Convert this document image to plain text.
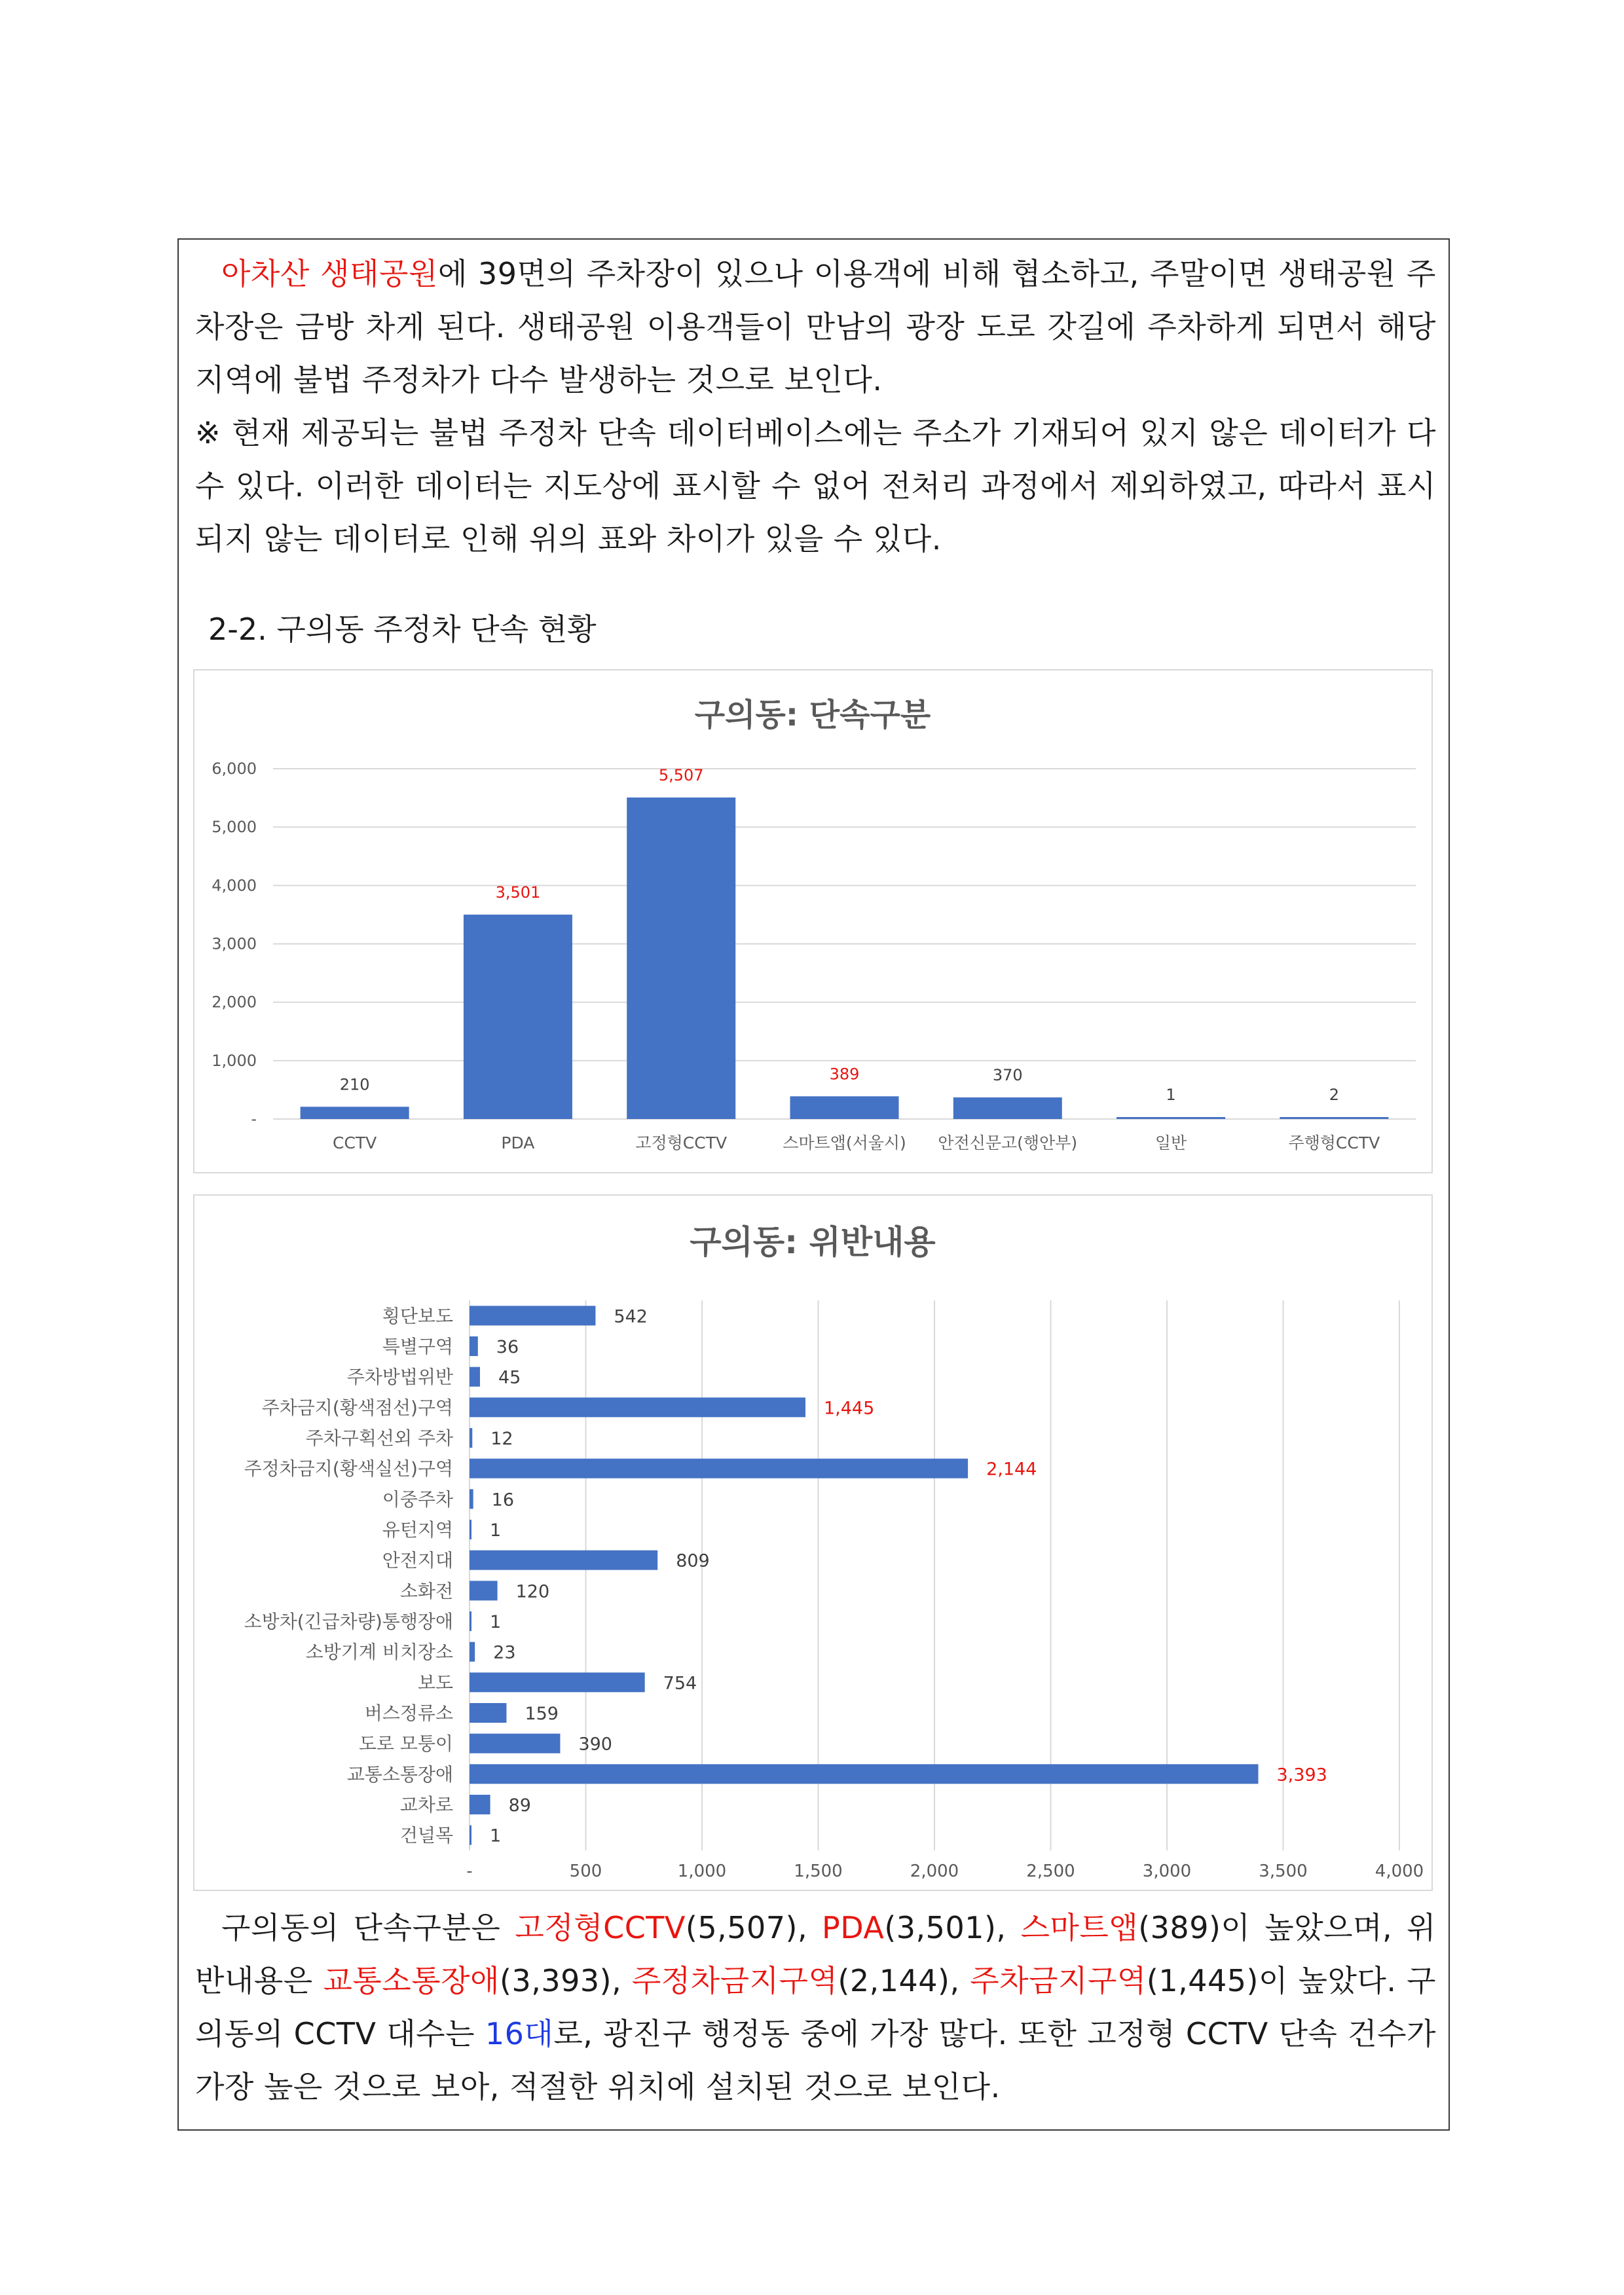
아차산 생태공원에 39면의 주차장이 있으나 이용객에 비해 협소하고, 주말이면 생태공원 주차장은 금방 차게 된다. 생태공원 이용객들이 만남의 광장 도로 갓길에 주차하게 되면서 해당 지역에 불법 주정차가 다수 발생하는 것으로 보인다.

※ 현재 제공되는 불법 주정차 단속 데이터베이스에는 주소가 기재되어 있지 않은 데이터가 다수 있다. 이러한 데이터는 지도상에 표시할 수 없어 전처리 과정에서 제외하였고, 따라서 표시되지 않는 데이터로 인해 위의 표와 차이가 있을 수 있다.

2-2. 구의동 주정차 단속 현황
구의동: 단속구분
-
1,000
2,000
3,000
4,000
5,000
6,000
210
CCTV
3,501
PDA
5,507
고정형CCTV
389
스마트앱(서울시)
370
안전신문고(행안부)
1
일반
2
주행형CCTV
구의동: 위반내용
-	500	1,000	1,500	2,000	2,500	3,000	3,500	4,000
542
횡단보도
36
특별구역
45
주차방법위반
1,445
주차금지(황색점선)구역
12
주차구획선외 주차
2,144
주정차금지(황색실선)구역
16
이중주차
1
유턴지역
809
안전지대
120
소화전
1
소방차(긴급차량)통행장애
23
소방기계 비치장소
754
보도
159
버스정류소
390
도로 모퉁이
3,393
교통소통장애
89
교차로
1
건널목

구의동의 단속구분은 고정형CCTV(5,507), PDA(3,501), 스마트앱(389)이 높았으며, 위반내용은 교통소통장애(3,393), 주정차금지구역(2,144), 주차금지구역(1,445)이 높았다. 구의동의 CCTV 대수는 16대로, 광진구 행정동 중에 가장 많다. 또한 고정형 CCTV 단속 건수가 가장 높은 것으로 보아, 적절한 위치에 설치된 것으로 보인다.
